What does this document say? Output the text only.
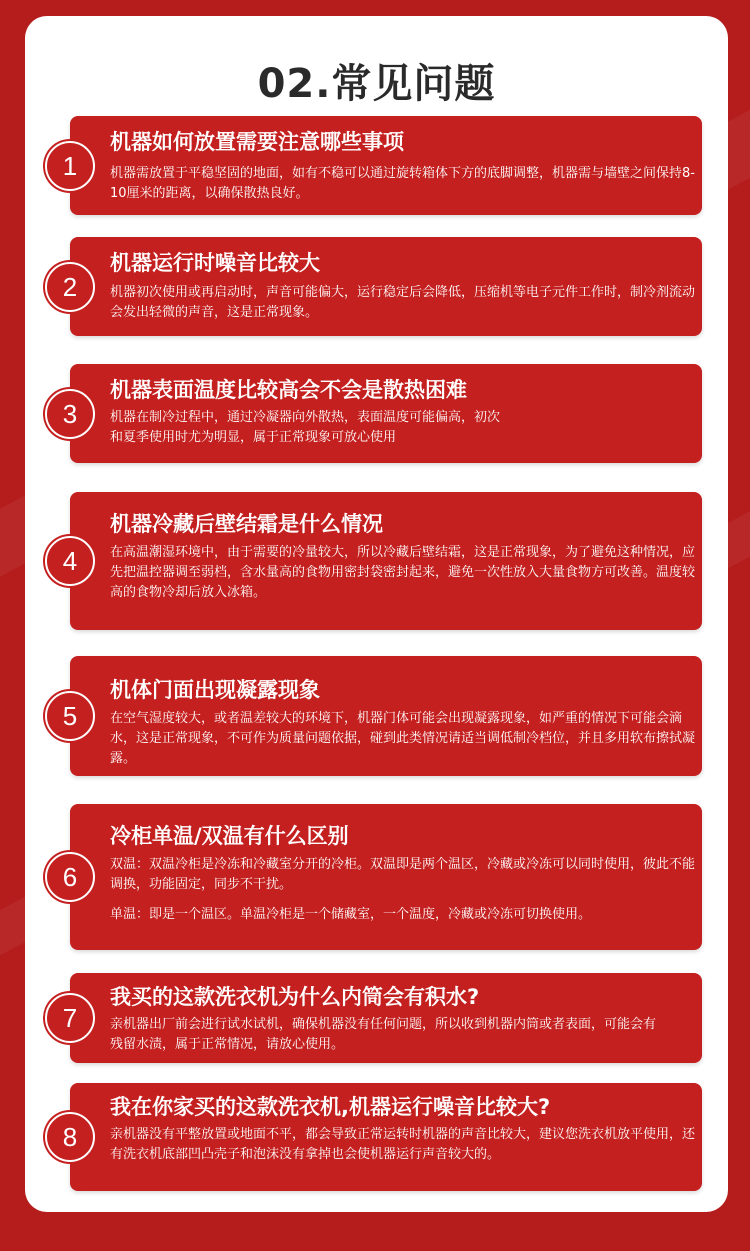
02.常见问题
1
机器如何放置需要注意哪些事项
机器需放置于平稳坚固的地面，如有不稳可以通过旋转箱体下方的底脚调整，机器需与墙壁之间保持8-10厘米的距离，以确保散热良好。
2
机器运行时噪音比较大
机器初次使用或再启动时，声音可能偏大，运行稳定后会降低，压缩机等电子元件工作时，制冷剂流动会发出轻微的声音，这是正常现象。
3
机器表面温度比较高会不会是散热困难
机器在制冷过程中，通过冷凝器向外散热，表面温度可能偏高，初次和夏季使用时尤为明显，属于正常现象可放心使用
4
机器冷藏后壁结霜是什么情况
在高温潮湿环境中，由于需要的冷量较大，所以冷藏后壁结霜，这是正常现象，为了避免这种情况，应先把温控器调至弱档，含水量高的食物用密封袋密封起来，避免一次性放入大量食物方可改善。温度较高的食物冷却后放入冰箱。
5
机体门面出现凝露现象
在空气湿度较大，或者温差较大的环境下，机器门体可能会出现凝露现象，如严重的情况下可能会滴水，这是正常现象，不可作为质量问题依据，碰到此类情况请适当调低制冷档位，并且多用软布擦拭凝露。
6
冷柜单温/双温有什么区别
双温：双温冷柜是冷冻和冷藏室分开的冷柜。双温即是两个温区，冷藏或冷冻可以同时使用，彼此不能调换，功能固定，同步不干扰。
单温：即是一个温区。单温冷柜是一个储藏室，一个温度，冷藏或冷冻可切换使用。
7
我买的这款洗衣机为什么内筒会有积水?
亲机器出厂前会进行试水试机，确保机器没有任何问题，所以收到机器内筒或者表面，可能会有残留水渍，属于正常情况，请放心使用。
8
我在你家买的这款洗衣机,机器运行噪音比较大?
亲机器没有平整放置或地面不平，都会导致正常运转时机器的声音比较大，建议您洗衣机放平使用，还有洗衣机底部凹凸壳子和泡沫没有拿掉也会使机器运行声音较大的。
